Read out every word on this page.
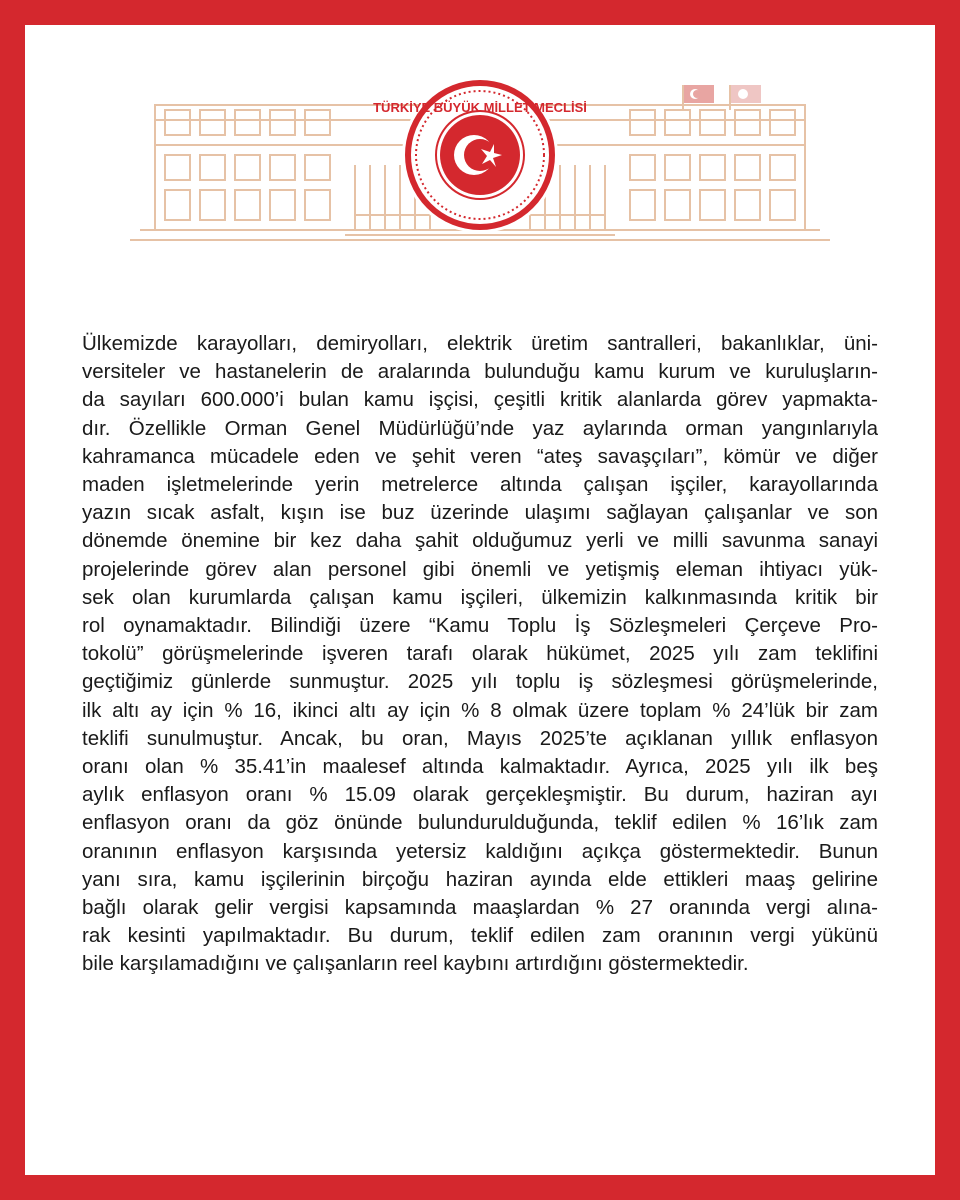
TÜRKİYE BÜYÜK MİLLET MECLİSİ
Ülkemizde karayolları, demiryolları, elektrik üretim santralleri, bakanlıklar, üni-
versiteler ve hastanelerin de aralarında bulunduğu kamu kurum ve kuruluşların-
da sayıları 600.000’i bulan kamu işçisi, çeşitli kritik alanlarda görev yapmakta-
dır. Özellikle Orman Genel Müdürlüğü’nde yaz aylarında orman yangınlarıyla
kahramanca mücadele eden ve şehit veren “ateş savaşçıları”, kömür ve diğer
maden işletmelerinde yerin metrelerce altında çalışan işçiler, karayollarında
yazın sıcak asfalt, kışın ise buz üzerinde ulaşımı sağlayan çalışanlar ve son
dönemde önemine bir kez daha şahit olduğumuz yerli ve milli savunma sanayi
projelerinde görev alan personel gibi önemli ve yetişmiş eleman ihtiyacı yük-
sek olan kurumlarda çalışan kamu işçileri, ülkemizin kalkınmasında kritik bir
rol oynamaktadır. Bilindiği üzere “Kamu Toplu İş Sözleşmeleri Çerçeve Pro-
tokolü” görüşmelerinde işveren tarafı olarak hükümet, 2025 yılı zam teklifini
geçtiğimiz günlerde sunmuştur. 2025 yılı toplu iş sözleşmesi görüşmelerinde,
ilk altı ay için % 16, ikinci altı ay için % 8 olmak üzere toplam % 24’lük bir zam
teklifi sunulmuştur. Ancak, bu oran, Mayıs 2025’te açıklanan yıllık enflasyon
oranı olan % 35.41’in maalesef altında kalmaktadır. Ayrıca, 2025 yılı ilk beş
aylık enflasyon oranı % 15.09 olarak gerçekleşmiştir. Bu durum, haziran ayı
enflasyon oranı da göz önünde bulundurulduğunda, teklif edilen % 16’lık zam
oranının enflasyon karşısında yetersiz kaldığını açıkça göstermektedir. Bunun
yanı sıra, kamu işçilerinin birçoğu haziran ayında elde ettikleri maaş gelirine
bağlı olarak gelir vergisi kapsamında maaşlardan % 27 oranında vergi alına-
rak kesinti yapılmaktadır. Bu durum, teklif edilen zam oranının vergi yükünü
bile karşılamadığını ve çalışanların reel kaybını artırdığını göstermektedir.
